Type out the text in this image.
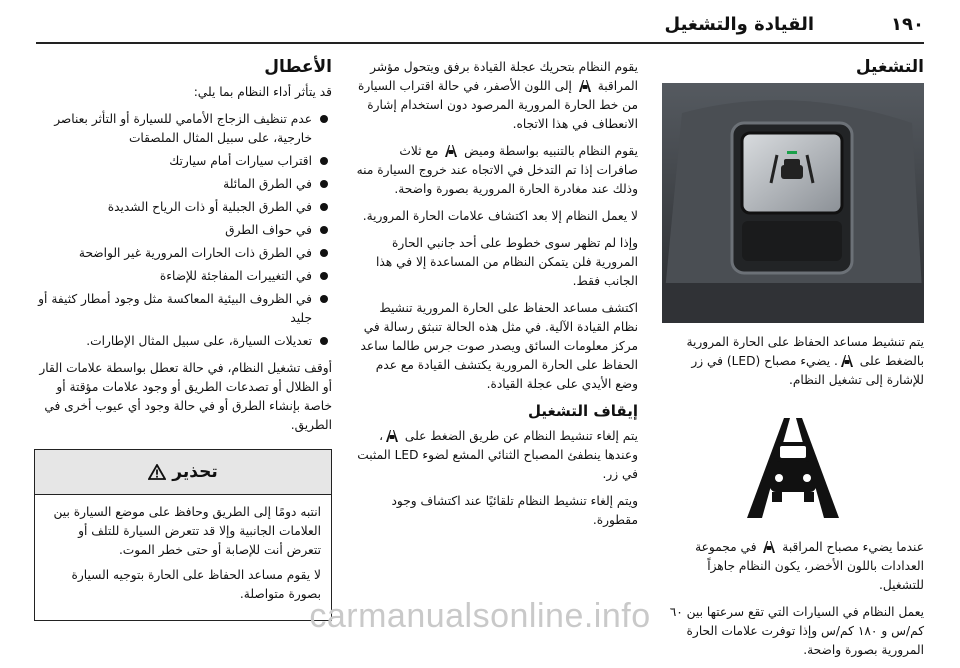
١٩٠
القيادة والتشغيل
التشغيل

يتم تنشيط مساعد الحفاظ على الحارة المرورية بالضغط على . يضيء مصباح (LED) في زر للإشارة إلى تشغيل النظام.

عندما يضيء مصباح المراقبة  في مجموعة العدادات باللون الأخضر، يكون النظام جاهزاً للتشغيل.

يعمل النظام في السيارات التي تقع سرعتها بين ٦٠ كم/س و ١٨٠ كم/س وإذا توفرت علامات الحارة المرورية بصورة واضحة.

يقوم النظام بتحريك عجلة القيادة برفق ويتحول مؤشر المراقبة  إلى اللون الأصفر، في حالة اقتراب السيارة من خط الحارة المرورية المرصود دون استخدام إشارة الانعطاف في هذا الاتجاه.

يقوم النظام بالتنبيه بواسطة وميض  مع ثلاث صافرات إذا تم التدخل في الاتجاه عند خروج السيارة منه وذلك عند مغادرة الحارة المرورية بصورة واضحة.

لا يعمل النظام إلا بعد اكتشاف علامات الحارة المرورية.

وإذا لم تظهر سوى خطوط على أحد جانبي الحارة المرورية فلن يتمكن النظام من المساعدة إلا في هذا الجانب فقط.

اكتشف مساعد الحفاظ على الحارة المرورية تنشيط نظام القيادة الآلية. في مثل هذه الحالة تنبثق رسالة في مركز معلومات السائق ويصدر صوت جرس طالما ساعد الحفاظ على الحارة المرورية يكتشف القيادة مع عدم وضع الأيدي على عجلة القيادة.

إيقاف التشغيل

يتم إلغاء تنشيط النظام عن طريق الضغط على ، وعندها ينطفئ المصباح الثنائي المشع لضوء LED المثبت في زر.

ويتم إلغاء تنشيط النظام تلقائيًا عند اكتشاف وجود مقطورة.

الأعطال

قد يتأثر أداء النظام بما يلي:

عدم تنظيف الزجاج الأمامي للسيارة أو التأثر بعناصر خارجية، على سبيل المثال الملصقات
اقتراب سيارات أمام سيارتك
في الطرق المائلة
في الطرق الجبلية أو ذات الرياح الشديدة
في حواف الطرق
في الطرق ذات الحارات المرورية غير الواضحة
في التغييرات المفاجئة للإضاءة
في الظروف البيئية المعاكسة مثل وجود أمطار كثيفة أو جليد
تعديلات السيارة، على سبيل المثال الإطارات.

أوقف تشغيل النظام، في حالة تعطل بواسطة علامات القار أو الظلال أو تصدعات الطريق أو وجود علامات مؤقتة أو خاصة بإنشاء الطرق أو في حالة وجود أي عيوب أخرى في الطريق.

تحذير

انتبه دومًا إلى الطريق وحافظ على موضع السيارة بين العلامات الجانبية وإلا قد تتعرض السيارة للتلف أو تتعرض أنت للإصابة أو حتى خطر الموت.

لا يقوم مساعد الحفاظ على الحارة بتوجيه السيارة بصورة متواصلة.

carmanualsonline.info
